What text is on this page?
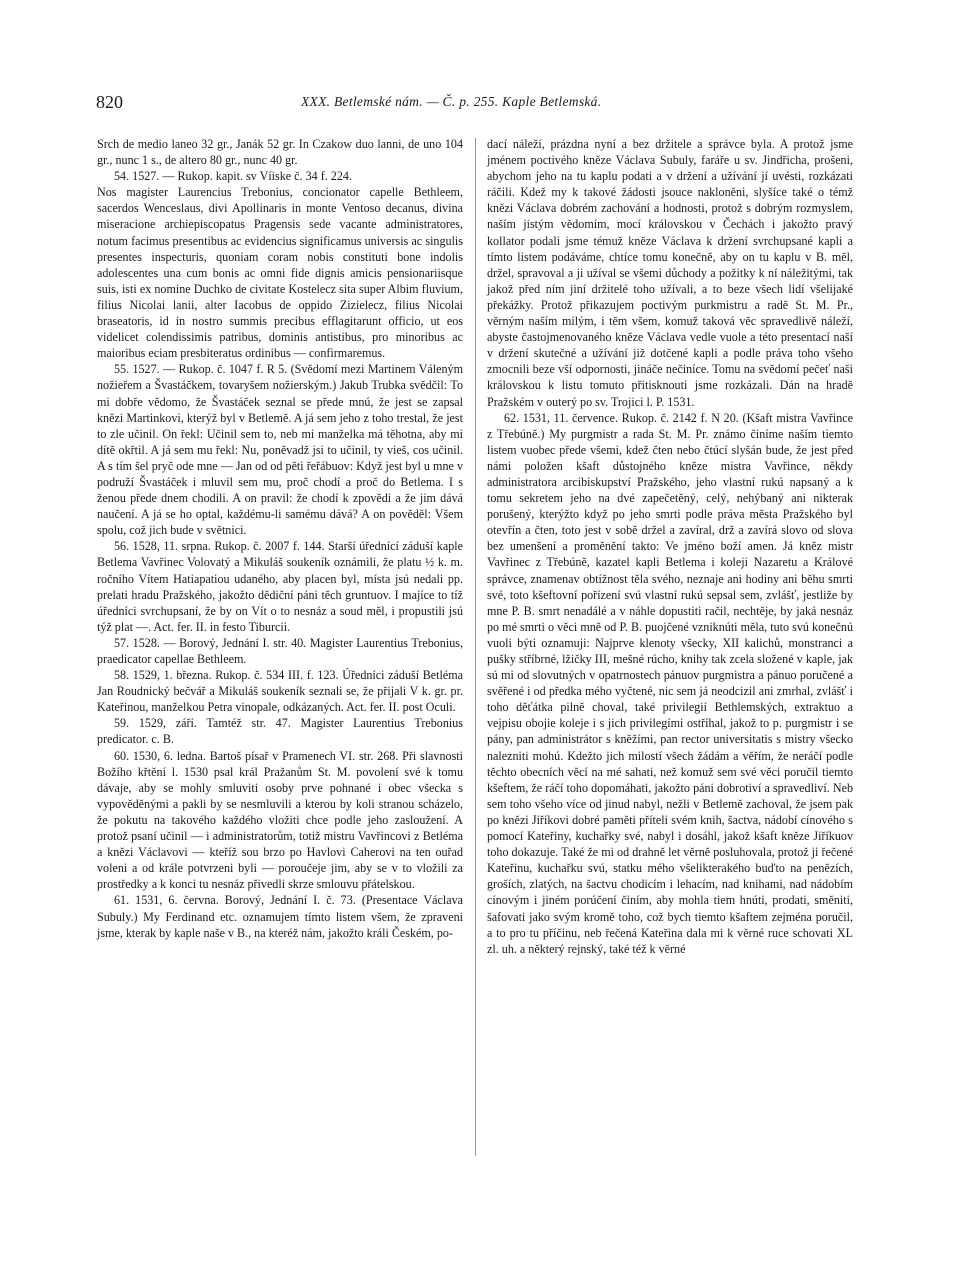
820	XXX. Betlemské nám. — Č. p. 255. Kaple Betlemská.

Srch de medio laneo 32 gr., Janák 52 gr. In Czakow duo lanni, de uno 104 gr., nunc 1 s., de altero 80 gr., nunc 40 gr.

54. 1527. — Rukop. kapit. sv Víiske č. 34 f. 224.

Nos magister Laurencius Trebonius, concionator capelle Bethleem, sacerdos Wenceslaus, divi Apollinaris in monte Ventoso decanus, divina miseracione archiepiscopatus Pragensis sede vacante administratores, notum facimus presentibus ac evidencius significamus universis ac singulis presentes inspecturis, quoniam coram nobis constituti bone indolis adolescentes una cum bonis ac omni fide dignis amicis pensionariisque suis, isti ex nomine Duchko de civitate Kostelecz sita super Albim fluvium, filius Nicolai lanii, alter Iacobus de oppido Zizielecz, filius Nicolai braseatoris, id in nostro summis precibus efflagitarunt officio, ut eos videlicet colendissimis patribus, dominis antistibus, pro minoribus ac maioribus eciam presbiteratus ordinibus — confirmaremus.

55. 1527. — Rukop. č. 1047 f. R 5. (Svědomí mezi Martinem Váleným nožieřem a Švastáčkem, tovaryšem nožierským.) Jakub Trubka svědčil: To mi dobře vědomo, že Švastáček seznal se přede mnú, že jest se zapsal knězi Martinkovi, kterýž byl v Betlemě. A já sem jeho z toho trestal, že jest to zle učinil. On řekl: Učinil sem to, neb mi manželka má těhotna, aby mi dítě okřtil. A já sem mu řekl: Nu, poněvadž jsi to učinil, ty vieš, cos učinil. A s tím šel pryč ode mne — Jan od od pěti řeřábuov: Když jest byl u mne v podruží Švastáček i mluvil sem mu, proč chodí a proč do Betlema. I s ženou přede dnem chodili. A on pravil: že chodí k zpovědi a že jim dává naučení. A já se ho optal, každému-li samému dává? A on pověděl: Všem spolu, což jich bude v světnici.

56. 1528, 11. srpna. Rukop. č. 2007 f. 144. Starší úřednící záduší kaple Betlema Vavřinec Volovatý a Mikuláš soukeník oznámili, že platu ½ k. m. ročního Vítem Hatiapatiou udaného, aby placen byl, místa jsú nedali pp. prelati hradu Pražského, jakožto dědiční páni těch gruntuov. I majíce to tíž úředníci svrchupsaní, že by on Vít o to nesnáz a soud měl, i propustili jsú týž plat —. Act. fer. II. in festo Tiburcii.

57. 1528. — Borový, Jednání I. str. 40. Magister Laurentius Trebonius, praedicator capellae Bethleem.

58. 1529, 1. března. Rukop. č. 534 III. f. 123. Úředníci záduší Betléma Jan Roudnický bečvář a Mikuláš soukeník seznali se, že přijali V k. gr. pr. Kateřinou, manželkou Petra vinopale, odkázaných. Act. fer. II. post Oculi.

59. 1529, září. Tamtéž str. 47. Magister Laurentius Trebonius predicator. c. B.

60. 1530, 6. ledna. Bartoš písař v Pramenech VI. str. 268. Při slavnosti Božího křtění l. 1530 psal král Pražanům St. M. povolení své k tomu dávaje, aby se mohly smluviti osoby prve pohnané i obec všecka s vypověděnými a pakli by se nesmluvili a kterou by koli stranou scházelo, že pokutu na takového každého vložiti chce podle jeho zasloužení. A protož psaní učinil — i administratorům, totiž mistru Vavřincovi z Betléma a knězi Václavovi — kteříž sou brzo po Havlovi Caherovi na ten ouřad voleni a od krále potvrzeni byli — poroučeje jim, aby se v to vložili za prostředky a k konci tu nesnáz přivedli skrze smlouvu přátelskou.

61. 1531, 6. června. Borový, Jednání I. č. 73. (Presentace Václava Subuly.) My Ferdinand etc. oznamujem tímto listem všem, že zpraveni jsme, kterak by kaple naše v B., na kteréž nám, jakožto králi Českém, po-

dací náleží, prázdna nyní a bez držitele a správce byla. A protož jsme jménem poctivého kněze Václava Subuly, faráře u sv. Jindřicha, prošeni, abychom jeho na tu kaplu podati a v držení a užívání jí uvésti, rozkázati ráčili. Kdež my k takové žádosti jsouce nakloněni, slyšíce také o témž knězi Václava dobrém zachování a hodnosti, protož s dobrým rozmyslem, naším jistým vědomím, mocí královskou v Čechách i jakožto pravý kollator podali jsme témuž kněze Václava k držení svrchupsané kapli a tímto listem podáváme, chtíce tomu konečně, aby on tu kaplu v B. měl, držel, spravoval a ji užíval se všemi důchody a požitky k ní náležitými, tak jakož před ním jiní držitelé toho užívali, a to beze všech lidí všelijaké překážky. Protož přikazujem poctivým purkmistru a radě St. M. Pr., věrným naším milým, i těm všem, komuž taková věc spravedlivě náleží, abyste častojmenovaného kněze Václava vedle vuole a této presentací naší v držení skutečné a užívání již dotčené kapli a podle práva toho všeho zmocnili beze vší odpornosti, jináče nečiníce. Tomu na svědomí pečeť naši královskou k listu tomuto přitisknouti jsme rozkázali. Dán na hradě Pražském v outerý po sv. Trojici l. P. 1531.

62. 1531, 11. července. Rukop. č. 2142 f. N 20. (Kšaft mistra Vavřince z Třebúně.) My purgmistr a rada St. M. Pr. známo činíme naším tiemto listem vuobec přede všemi, kdež čten nebo čtúcí slyšán bude, že jest před námi položen kšaft důstojného kněze mistra Vavřince, někdy administratora arcibiskupství Pražského, jeho vlastní rukú napsaný a k tomu sekretem jeho na dvé zapečetěný, celý, nehýbaný ani nikterak porušený, kterýžto když po jeho smrti podle práva města Pražského byl otevřín a čten, toto jest v sobě držel a zavíral, drž a zavírá slovo od slova bez umenšení a proměnění takto: Ve jméno boží amen. Já kněz mistr Vavřinec z Třebúně, kazatel kapli Betlema i koleji Nazaretu a Králové správce, znamenav obtížnost těla svého, neznaje ani hodiny ani běhu smrti své, toto kšeftovní pořízení svú vlastní rukú sepsal sem, zvlášť, jestliže by mne P. B. smrt nenadálé a v náhle dopustiti račil, nechtěje, by jaká nesnáz po mé smrti o věci mně od P. B. puojčené vzniknúti měla, tuto svú konečnú vuoli býti oznamuji: Najprve klenoty všecky, XII kalichů, monstranci a pušky stříbrné, lžičky III, mešné rúcho, knihy tak zcela složené v kaple, jak sú mi od slovutných v opatrnostech pánuov purgmistra a pánuo poručené a svěřené i od předka mého vyčtené, nic sem já neodcizil ani zmrhal, zvlášť i toho děťátka pilně choval, také privilegií Bethlemských, extraktuo a vejpisu obojie koleje i s jich privilegími ostříhal, jakož to p. purgmistr i se pány, pan administrátor s kněžími, pan rector universitatis s mistry všecko nalezniti mohú. Kdežto jich milostí všech žádám a věřím, že neráčí podle těchto obecních věcí na mé sahati, než komuž sem své věci poručil tiemto kšeftem, že ráčí toho dopomáhati, jakožto páni dobrotiví a spravedliví. Neb sem toho všeho více od jinud nabyl, nežli v Betlemě zachoval, že jsem pak po knězi Jiříkovi dobré paměti příteli svém knih, šactva, nádobí cínového s pomocí Kateřiny, kuchařky své, nabyl i dosáhl, jakož kšaft kněze Jiříkuov toho dokazuje. Také že mi od drahně let věrně posluhovala, protož ji řečené Kateřinu, kuchařku svú, statku mého všelikterakého buďto na penězích, groších, zlatých, na šactvu chodicím i lehacím, nad knihami, nad nádobím cínovým i jiném porúčení činím, aby mohla tiem hnúti, prodati, směniti, šafovati jako svým kromě toho, což bych tiemto kšaftem zejména poručil, a to pro tu příčinu, neb řečená Kateřina dala mi k věrné ruce schovati XL zl. uh. a některý rejnský, také též k věrné
